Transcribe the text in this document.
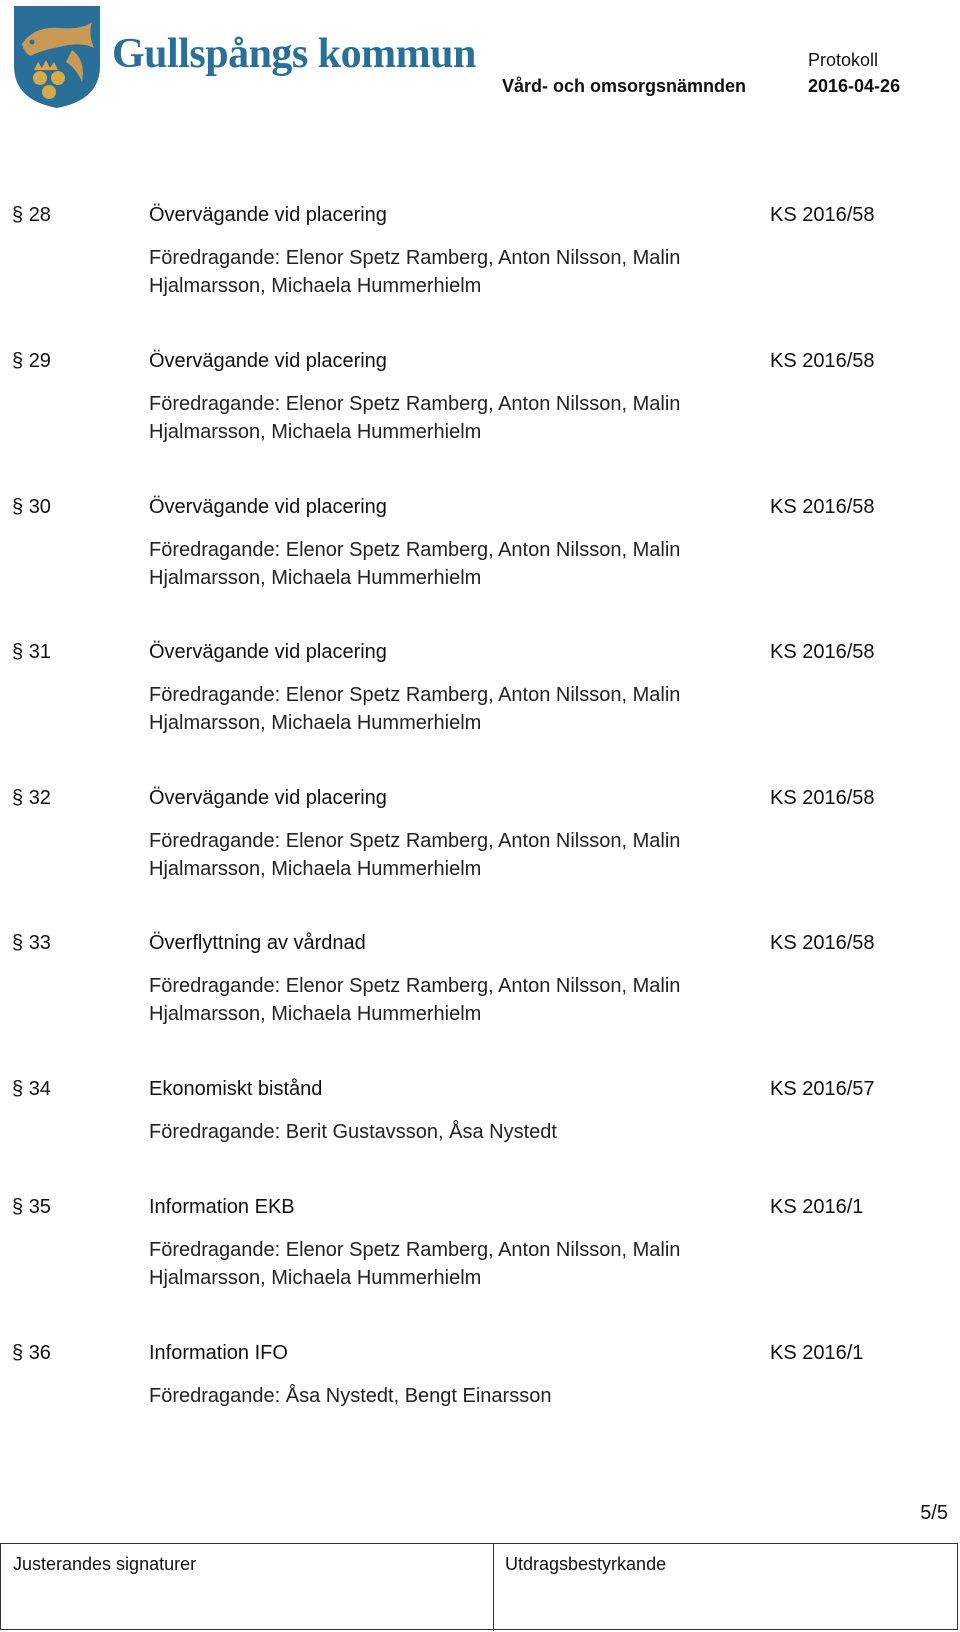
Gullspångs kommun
Vård- och omsorgsnämnden
Protokoll
2016-04-26
§ 28	Övervägande vid placering	KS 2016/58
Föredragande: Elenor Spetz Ramberg, Anton Nilsson, Malin Hjalmarsson, Michaela Hummerhielm
§ 29	Övervägande vid placering	KS 2016/58
Föredragande: Elenor Spetz Ramberg, Anton Nilsson, Malin Hjalmarsson, Michaela Hummerhielm
§ 30	Övervägande vid placering	KS 2016/58
Föredragande: Elenor Spetz Ramberg, Anton Nilsson, Malin Hjalmarsson, Michaela Hummerhielm
§ 31	Övervägande vid placering	KS 2016/58
Föredragande: Elenor Spetz Ramberg, Anton Nilsson, Malin Hjalmarsson, Michaela Hummerhielm
§ 32	Övervägande vid placering	KS 2016/58
Föredragande: Elenor Spetz Ramberg, Anton Nilsson, Malin Hjalmarsson, Michaela Hummerhielm
§ 33	Överflyttning av vårdnad	KS 2016/58
Föredragande: Elenor Spetz Ramberg, Anton Nilsson, Malin Hjalmarsson, Michaela Hummerhielm
§ 34	Ekonomiskt bistånd	KS 2016/57
Föredragande: Berit Gustavsson, Åsa Nystedt
§ 35	Information EKB	KS 2016/1
Föredragande: Elenor Spetz Ramberg, Anton Nilsson, Malin Hjalmarsson, Michaela Hummerhielm
§ 36	Information IFO	KS 2016/1
Föredragande: Åsa Nystedt, Bengt Einarsson
5/5
Justerandes signaturer	Utdragsbestyrkande
